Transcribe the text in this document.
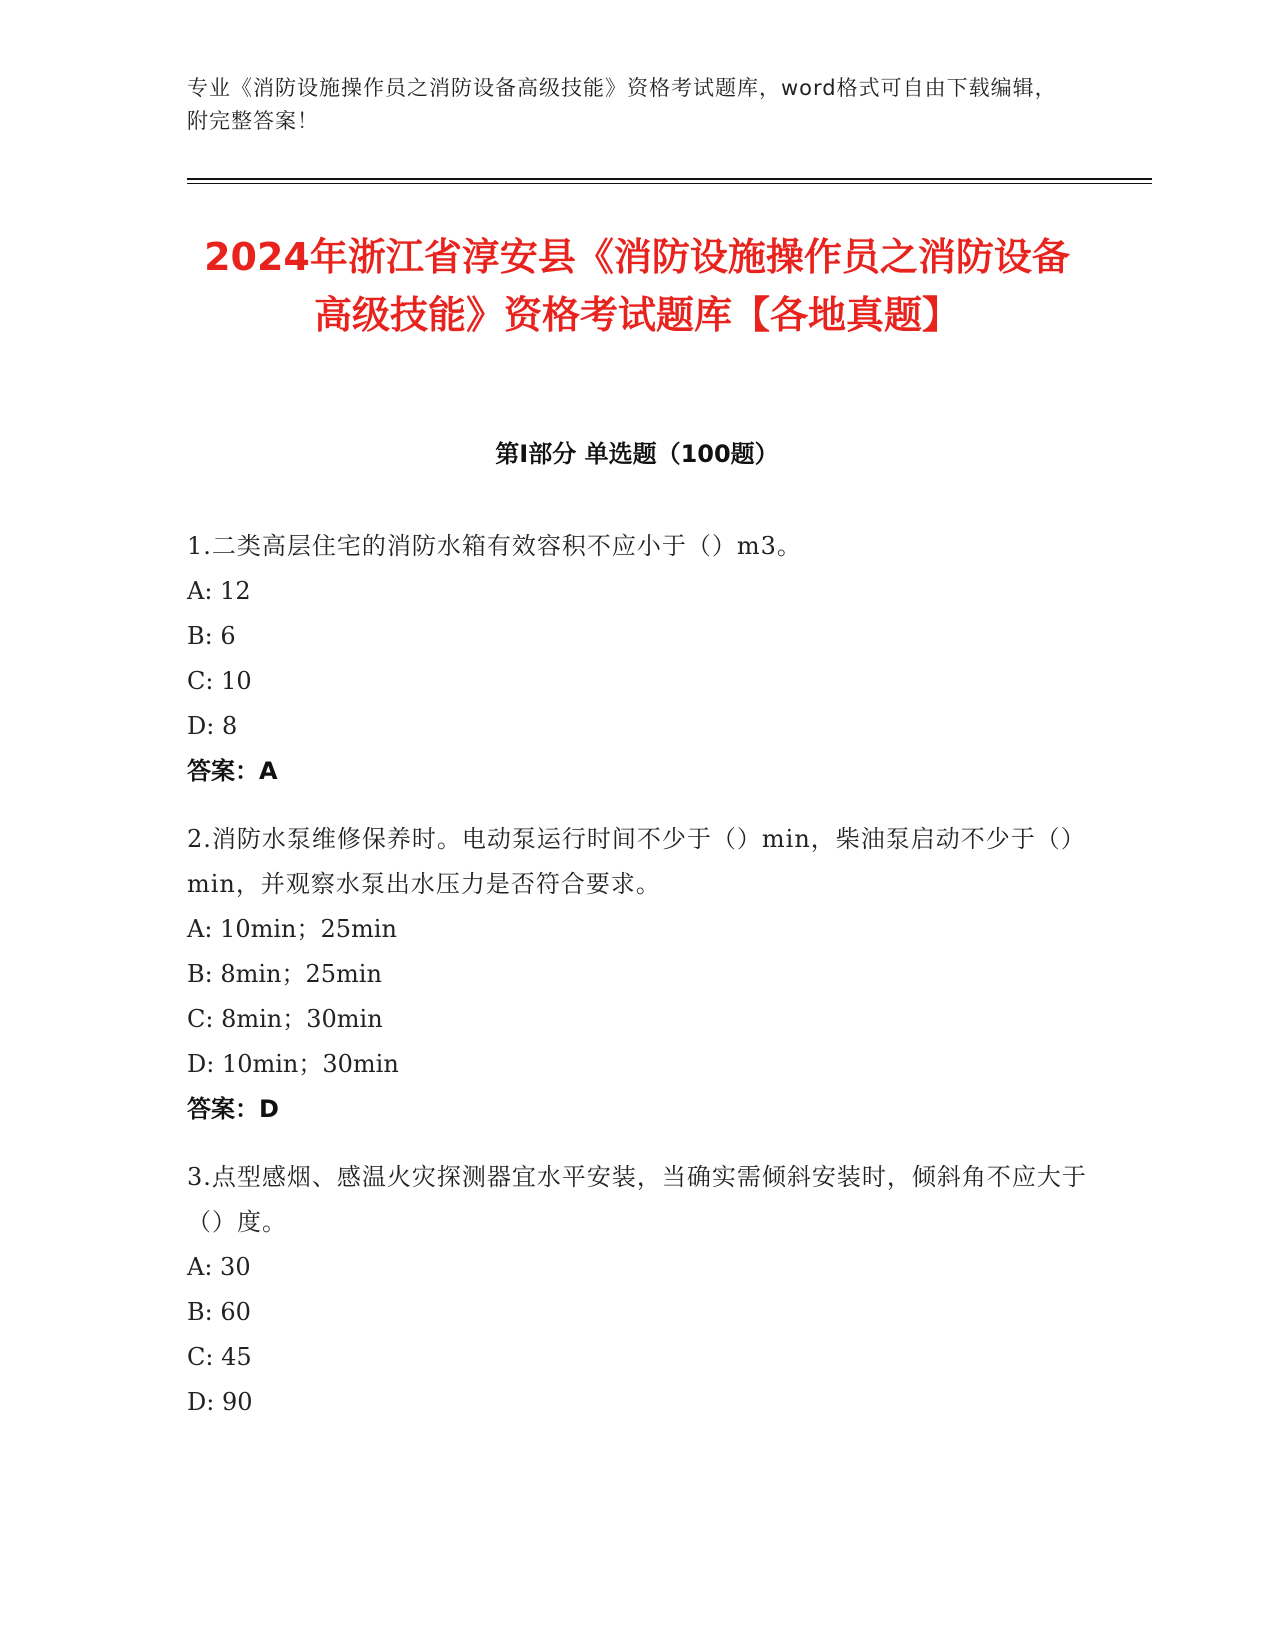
专业《消防设施操作员之消防设备高级技能》资格考试题库，word格式可自由下载编辑，附完整答案！
2024年浙江省淳安县《消防设施操作员之消防设备高级技能》资格考试题库【各地真题】
第I部分 单选题（100题）
1.二类高层住宅的消防水箱有效容积不应小于（）m3。
A: 12
B: 6
C: 10
D: 8
答案：A
2.消防水泵维修保养时。电动泵运行时间不少于（）min，柴油泵启动不少于（）min，并观察水泵出水压力是否符合要求。
A: 10min；25min
B: 8min；25min
C: 8min；30min
D: 10min；30min
答案：D
3.点型感烟、感温火灾探测器宜水平安装，当确实需倾斜安装时，倾斜角不应大于（）度。
A: 30
B: 60
C: 45
D: 90
